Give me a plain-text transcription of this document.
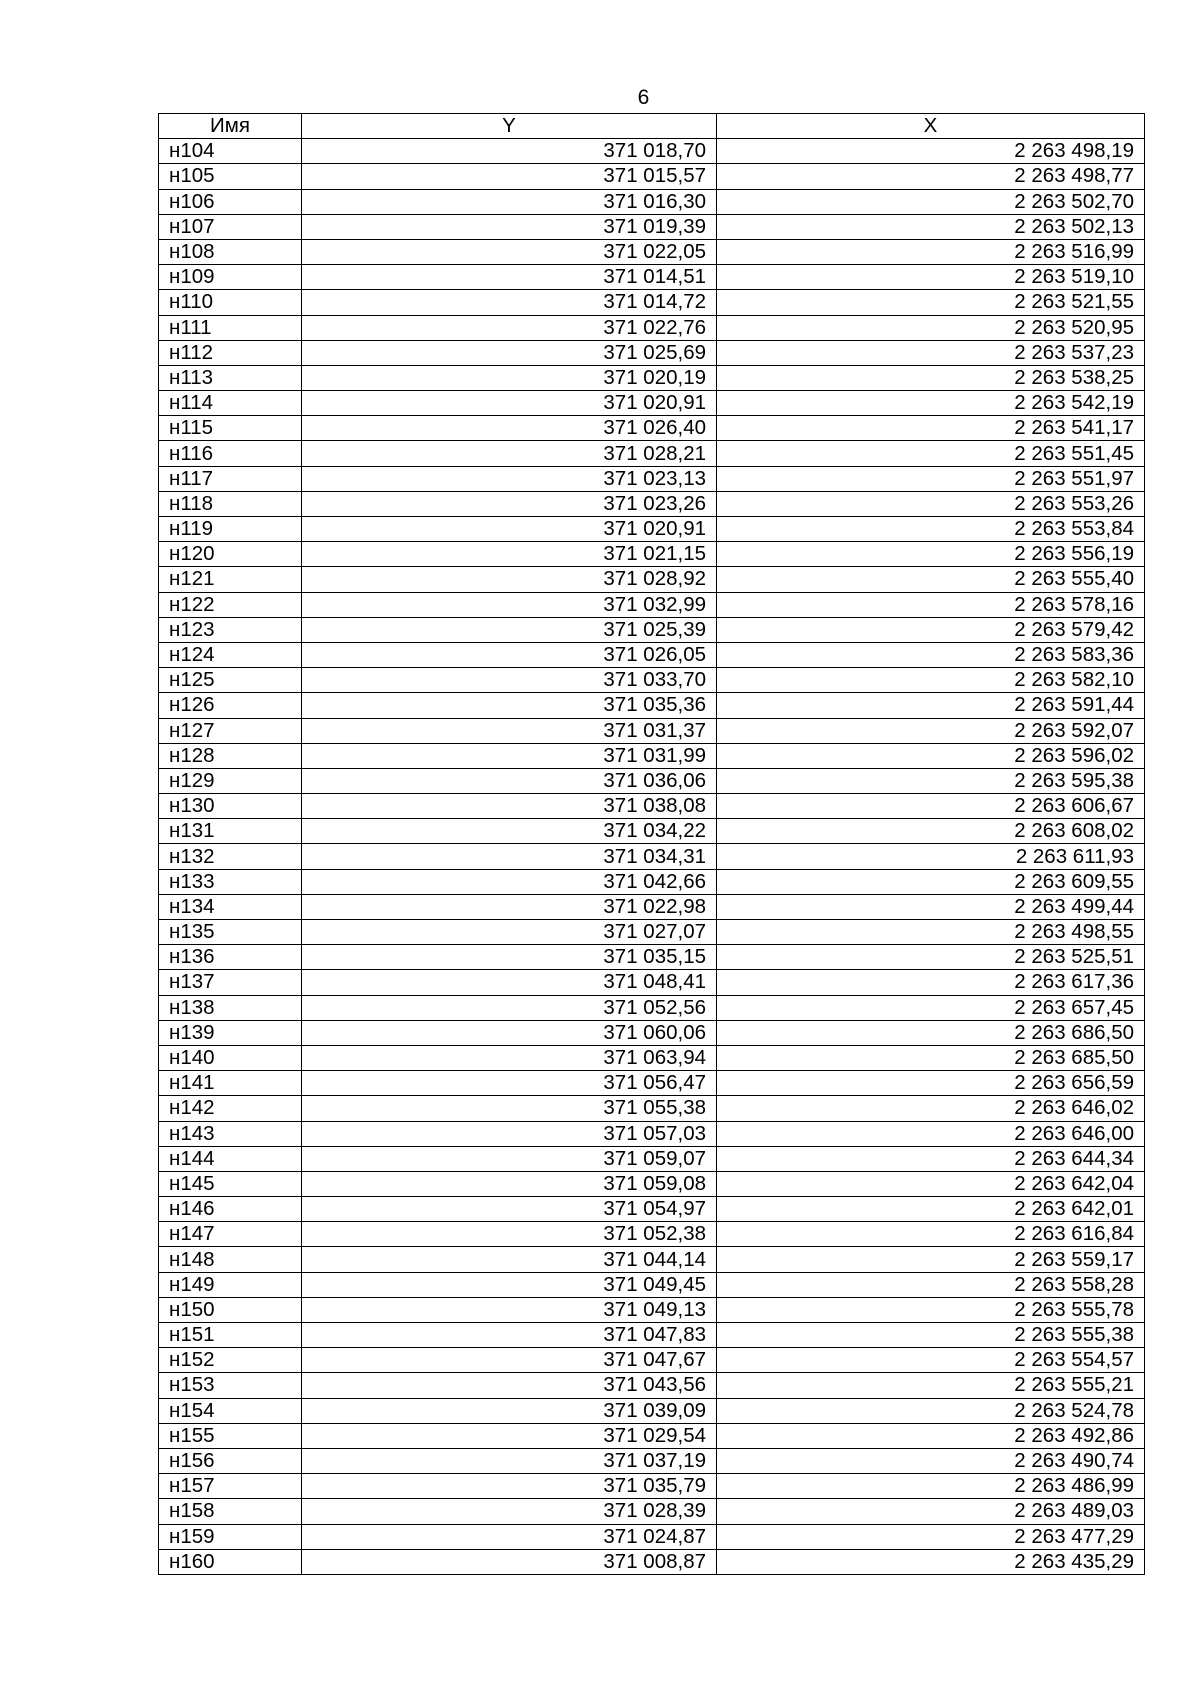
6
Имя	Y	X
н104	371 018,70	2 263 498,19
н105	371 015,57	2 263 498,77
н106	371 016,30	2 263 502,70
н107	371 019,39	2 263 502,13
н108	371 022,05	2 263 516,99
н109	371 014,51	2 263 519,10
н110	371 014,72	2 263 521,55
н111	371 022,76	2 263 520,95
н112	371 025,69	2 263 537,23
н113	371 020,19	2 263 538,25
н114	371 020,91	2 263 542,19
н115	371 026,40	2 263 541,17
н116	371 028,21	2 263 551,45
н117	371 023,13	2 263 551,97
н118	371 023,26	2 263 553,26
н119	371 020,91	2 263 553,84
н120	371 021,15	2 263 556,19
н121	371 028,92	2 263 555,40
н122	371 032,99	2 263 578,16
н123	371 025,39	2 263 579,42
н124	371 026,05	2 263 583,36
н125	371 033,70	2 263 582,10
н126	371 035,36	2 263 591,44
н127	371 031,37	2 263 592,07
н128	371 031,99	2 263 596,02
н129	371 036,06	2 263 595,38
н130	371 038,08	2 263 606,67
н131	371 034,22	2 263 608,02
н132	371 034,31	2 263 611,93
н133	371 042,66	2 263 609,55
н134	371 022,98	2 263 499,44
н135	371 027,07	2 263 498,55
н136	371 035,15	2 263 525,51
н137	371 048,41	2 263 617,36
н138	371 052,56	2 263 657,45
н139	371 060,06	2 263 686,50
н140	371 063,94	2 263 685,50
н141	371 056,47	2 263 656,59
н142	371 055,38	2 263 646,02
н143	371 057,03	2 263 646,00
н144	371 059,07	2 263 644,34
н145	371 059,08	2 263 642,04
н146	371 054,97	2 263 642,01
н147	371 052,38	2 263 616,84
н148	371 044,14	2 263 559,17
н149	371 049,45	2 263 558,28
н150	371 049,13	2 263 555,78
н151	371 047,83	2 263 555,38
н152	371 047,67	2 263 554,57
н153	371 043,56	2 263 555,21
н154	371 039,09	2 263 524,78
н155	371 029,54	2 263 492,86
н156	371 037,19	2 263 490,74
н157	371 035,79	2 263 486,99
н158	371 028,39	2 263 489,03
н159	371 024,87	2 263 477,29
н160	371 008,87	2 263 435,29
